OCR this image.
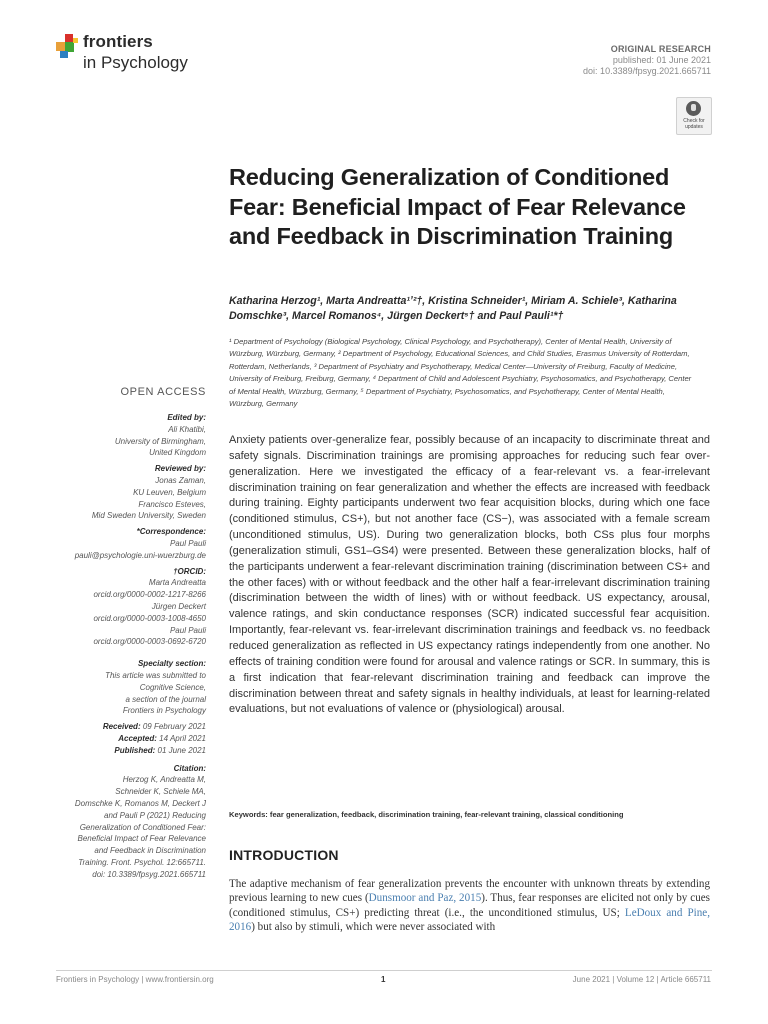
frontiers
in Psychology
ORIGINAL RESEARCH
published: 01 June 2021
doi: 10.3389/fpsyg.2021.665711
Check for updates
Reducing Generalization of Conditioned Fear: Beneficial Impact of Fear Relevance and Feedback in Discrimination Training
Katharina Herzog¹, Marta Andreatta¹ʼ²†, Kristina Schneider¹, Miriam A. Schiele³, Katharina Domschke³, Marcel Romanos⁴, Jürgen Deckert⁵† and Paul Pauli¹*†
¹ Department of Psychology (Biological Psychology, Clinical Psychology, and Psychotherapy), Center of Mental Health, University of Würzburg, Würzburg, Germany, ² Department of Psychology, Educational Sciences, and Child Studies, Erasmus University of Rotterdam, Rotterdam, Netherlands, ³ Department of Psychiatry and Psychotherapy, Medical Center—University of Freiburg, Faculty of Medicine, University of Freiburg, Freiburg, Germany, ⁴ Department of Child and Adolescent Psychiatry, Psychosomatics, and Psychotherapy, Center of Mental Health, Würzburg, Germany, ⁵ Department of Psychiatry, Psychosomatics, and Psychotherapy, Center of Mental Health, Würzburg, Germany
OPEN ACCESS
Edited by:
Ali Khatibi,
University of Birmingham,
United Kingdom
Reviewed by:
Jonas Zaman,
KU Leuven, Belgium
Francisco Esteves,
Mid Sweden University, Sweden
*Correspondence:
Paul Pauli
pauli@psychologie.uni-wuerzburg.de
†ORCID:
Marta Andreatta
orcid.org/0000-0002-1217-8266
Jürgen Deckert
orcid.org/0000-0003-1008-4650
Paul Pauli
orcid.org/0000-0003-0692-6720
Specialty section:
This article was submitted to
Cognitive Science,
a section of the journal
Frontiers in Psychology
Received: 09 February 2021
Accepted: 14 April 2021
Published: 01 June 2021
Citation:
Herzog K, Andreatta M,
Schneider K, Schiele MA,
Domschke K, Romanos M, Deckert J
and Pauli P (2021) Reducing
Generalization of Conditioned Fear:
Beneficial Impact of Fear Relevance
and Feedback in Discrimination
Training. Front. Psychol. 12:665711.
doi: 10.3389/fpsyg.2021.665711
Anxiety patients over-generalize fear, possibly because of an incapacity to discriminate threat and safety signals. Discrimination trainings are promising approaches for reducing such fear over-generalization. Here we investigated the efficacy of a fear-relevant vs. a fear-irrelevant discrimination training on fear generalization and whether the effects are increased with feedback during training. Eighty participants underwent two fear acquisition blocks, during which one face (conditioned stimulus, CS+), but not another face (CS−), was associated with a female scream (unconditioned stimulus, US). During two generalization blocks, both CSs plus four morphs (generalization stimuli, GS1–GS4) were presented. Between these generalization blocks, half of the participants underwent a fear-relevant discrimination training (discrimination between CS+ and the other faces) with or without feedback and the other half a fear-irrelevant discrimination training (discrimination between the width of lines) with or without feedback. US expectancy, arousal, valence ratings, and skin conductance responses (SCR) indicated successful fear acquisition. Importantly, fear-relevant vs. fear-irrelevant discrimination trainings and feedback vs. no feedback reduced generalization as reflected in US expectancy ratings independently from one another. No effects of training condition were found for arousal and valence ratings or SCR. In summary, this is a first indication that fear-relevant discrimination training and feedback can improve the discrimination between threat and safety signals in healthy individuals, at least for learning-related evaluations, but not evaluations of valence or (physiological) arousal.
Keywords: fear generalization, feedback, discrimination training, fear-relevant training, classical conditioning
INTRODUCTION
The adaptive mechanism of fear generalization prevents the encounter with unknown threats by extending previous learning to new cues (Dunsmoor and Paz, 2015). Thus, fear responses are elicited not only by cues (conditioned stimulus, CS+) predicting threat (i.e., the unconditioned stimulus, US; LeDoux and Pine, 2016) but also by stimuli, which were never associated with
Frontiers in Psychology | www.frontiersin.org	1	June 2021 | Volume 12 | Article 665711
